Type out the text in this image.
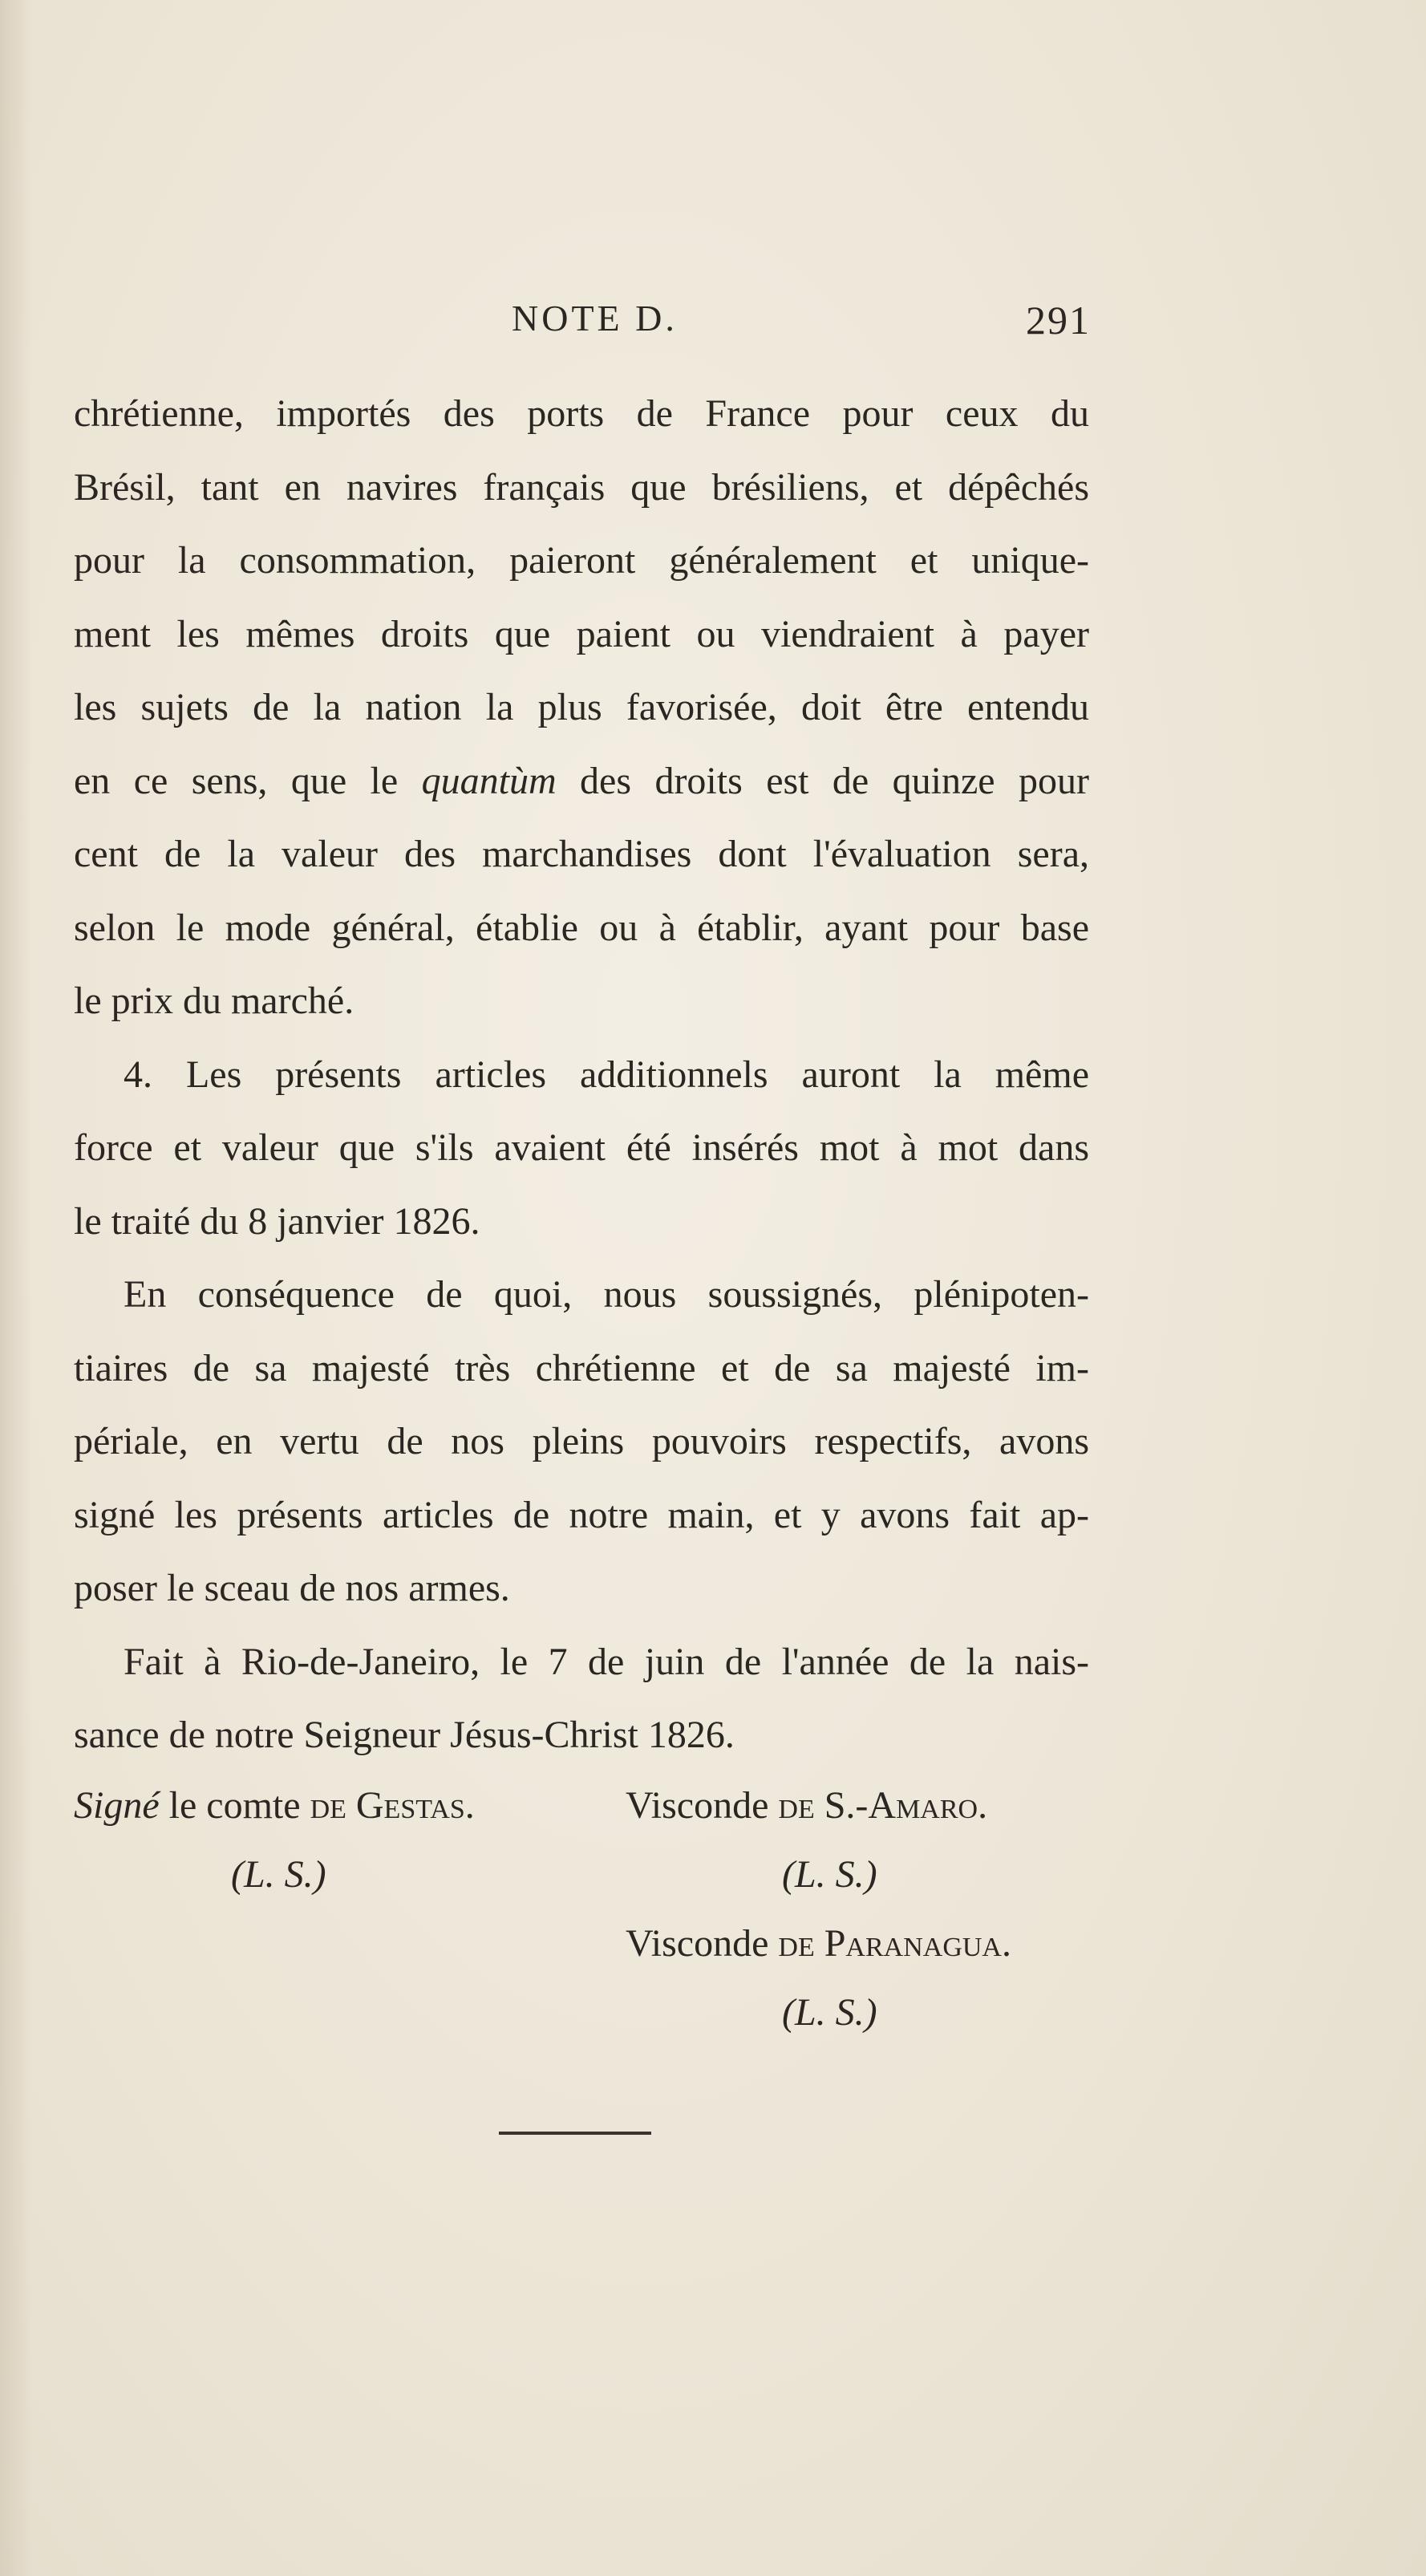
NOTE D.	291
chrétienne, importés des ports de France pour ceux du
Brésil, tant en navires français que brésiliens, et dépêchés
pour la consommation, paieront généralement et unique-
ment les mêmes droits que paient ou viendraient à payer
les sujets de la nation la plus favorisée, doit être entendu
en ce sens, que le quantùm des droits est de quinze pour
cent de la valeur des marchandises dont l'évaluation sera,
selon le mode général, établie ou à établir, ayant pour base
le prix du marché.
4. Les présents articles additionnels auront la même
force et valeur que s'ils avaient été insérés mot à mot dans
le traité du 8 janvier 1826.
En conséquence de quoi, nous soussignés, plénipoten-
tiaires de sa majesté très chrétienne et de sa majesté im-
périale, en vertu de nos pleins pouvoirs respectifs, avons
signé les présents articles de notre main, et y avons fait ap-
poser le sceau de nos armes.
Fait à Rio-de-Janeiro, le 7 de juin de l'année de la nais-
sance de notre Seigneur Jésus-Christ 1826.
Signé le comte de Gestas.	Visconde de S.-Amaro.
(L. S.)	(L. S.)
Visconde de Paranagua.
(L. S.)
